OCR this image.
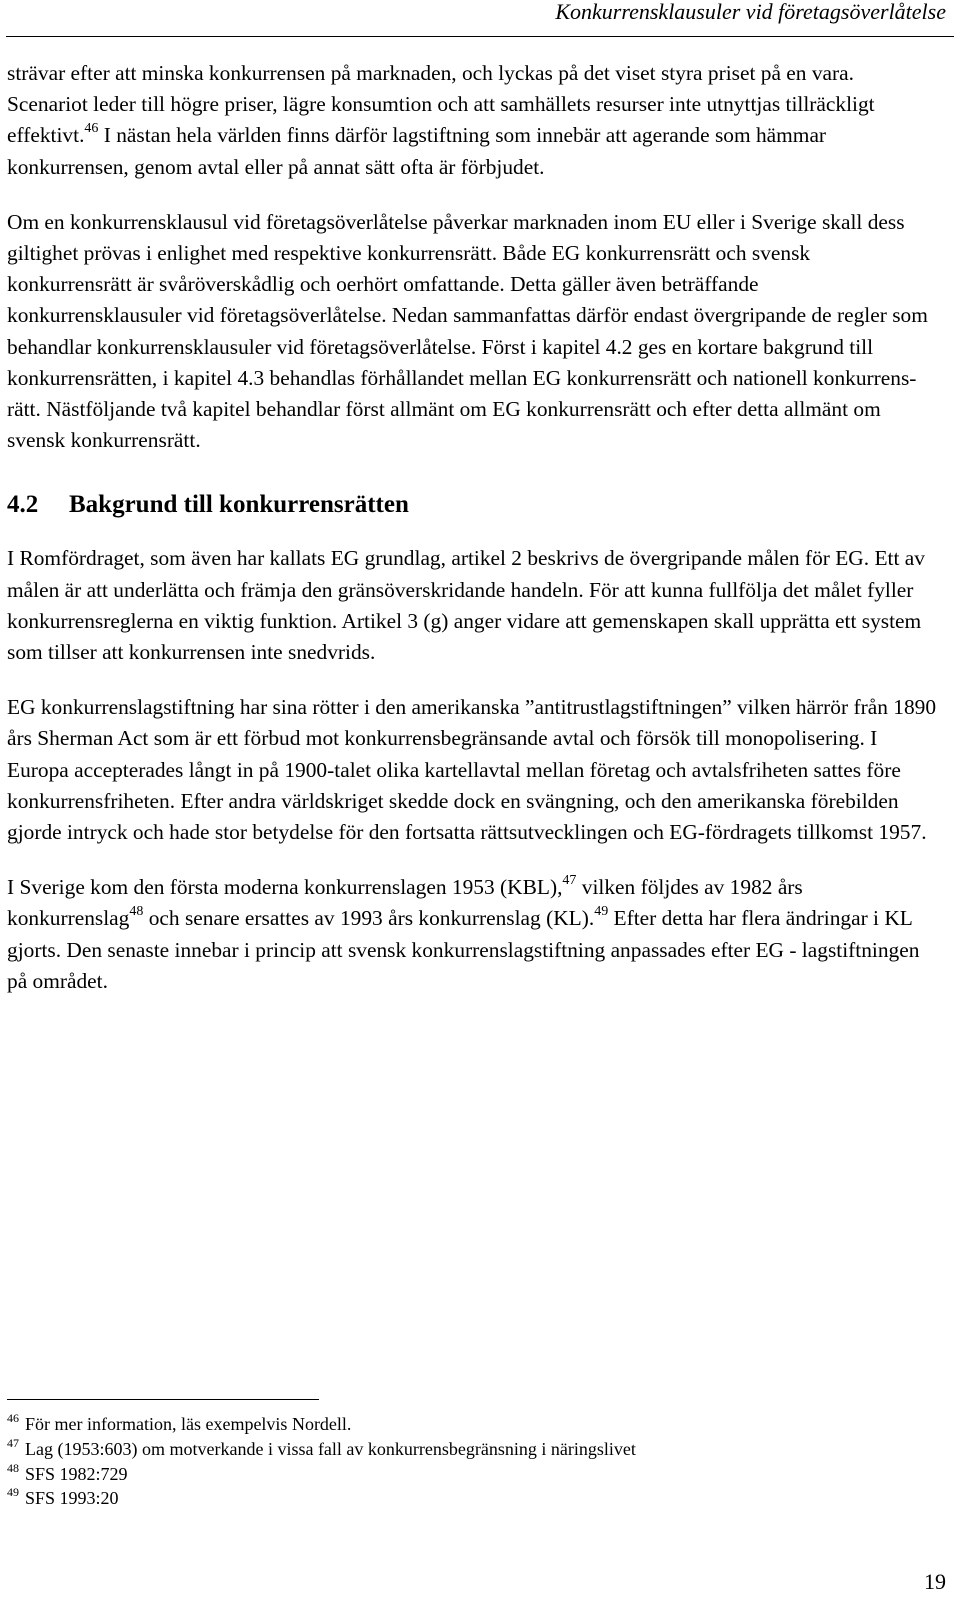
Konkurrensklausuler vid företagsöverlåtelse

strävar efter att minska konkurrensen på marknaden, och lyckas på det viset styra priset på en vara. Scenariot leder till högre priser, lägre konsumtion och att samhällets resurser inte utnyttjas tillräckligt effektivt.$^{46}$ I nästan hela världen finns därför lagstiftning som innebär att agerande som hämmar konkurrensen, genom avtal eller på annat sätt ofta är förbjudet.

Om en konkurrensklausul vid företagsöverlåtelse påverkar marknaden inom EU eller i Sverige skall dess giltighet prövas i enlighet med respektive konkurrensrätt. Både EG konkurrensrätt och svensk konkurrensrätt är svåröverskådlig och oerhört omfattande. Detta gäller även beträffande konkurrensklausuler vid företagsöverlåtelse. Nedan sammanfattas därför endast övergripande de regler som behandlar konkurrensklausuler vid företagsöverlåtelse. Först i kapitel 4.2 ges en kortare bakgrund till konkurrensrätten, i kapitel 4.3 behandlas förhållandet mellan EG konkurrensrätt och nationell konkurrens-rätt. Nästföljande två kapitel behandlar först allmänt om EG konkurrensrätt och efter detta allmänt om svensk konkurrensrätt.

4.2 Bakgrund till konkurrensrätten

I Romfördraget, som även har kallats EG grundlag, artikel 2 beskrivs de övergripande målen för EG. Ett av målen är att underlätta och främja den gränsöverskridande handeln. För att kunna fullfölja det målet fyller konkurrensreglerna en viktig funktion. Artikel 3 (g) anger vidare att gemenskapen skall upprätta ett system som tillser att konkurrensen inte snedvrids.

EG konkurrenslagstiftning har sina rötter i den amerikanska ”antitrustlagstiftningen” vilken härrör från 1890 års Sherman Act som är ett förbud mot konkurrensbegränsande avtal och försök till monopolisering. I Europa accepterades långt in på 1900-talet olika kartellavtal mellan företag och avtalsfriheten sattes före konkurrensfriheten. Efter andra världskriget skedde dock en svängning, och den amerikanska förebilden gjorde intryck och hade stor betydelse för den fortsatta rättsutvecklingen och EG-fördragets tillkomst 1957.

I Sverige kom den första moderna konkurrenslagen 1953 (KBL),$^{47}$ vilken följdes av 1982 års konkurrenslag$^{48}$ och senare ersattes av 1993 års konkurrenslag (KL).$^{49}$ Efter detta har flera ändringar i KL gjorts. Den senaste innebar i princip att svensk konkurrenslagstiftning anpassades efter EG - lagstiftningen på området.

$^{46}$ För mer information, läs exempelvis Nordell.
$^{47}$ Lag (1953:603) om motverkande i vissa fall av konkurrensbegränsning i näringslivet
$^{48}$ SFS 1982:729
$^{49}$ SFS 1993:20
19
